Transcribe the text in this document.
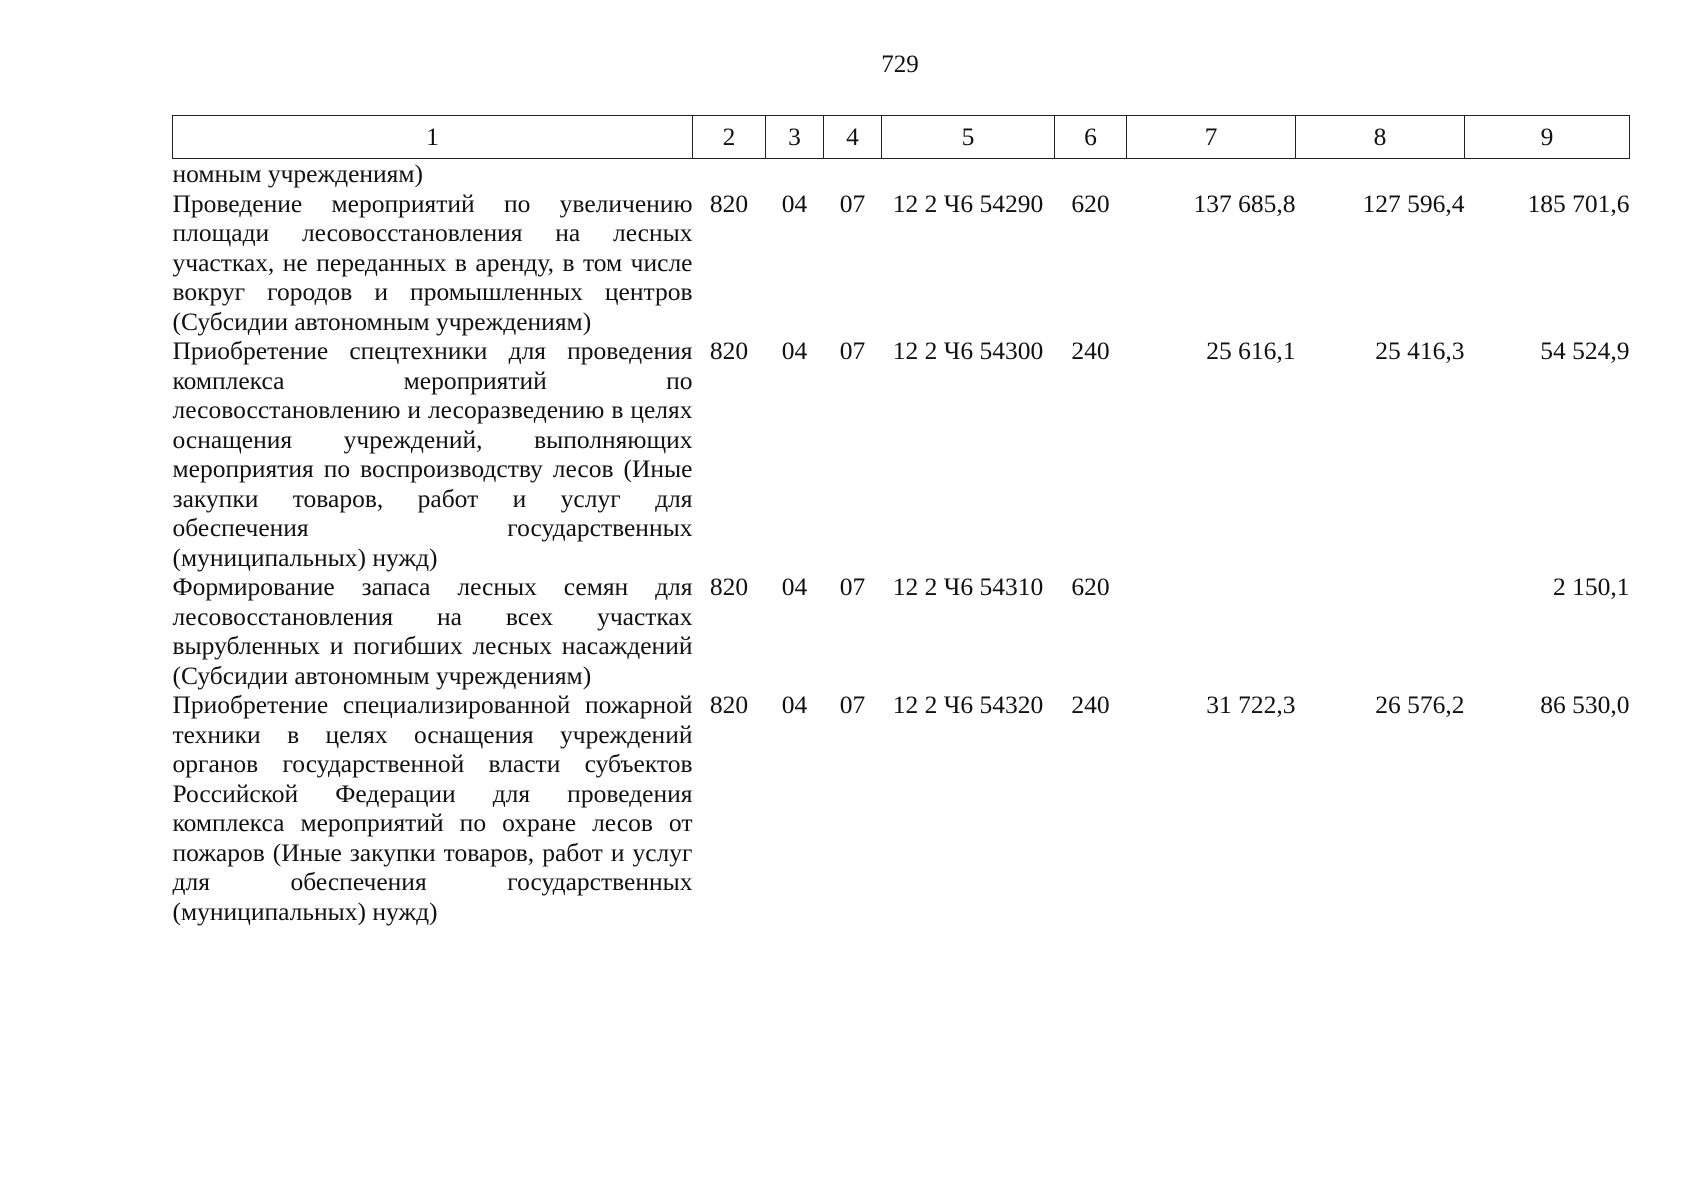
729
1	2	3	4	5	6	7	8	9
номным учреждениям)								
Проведение мероприятий по увеличению площади лесовосстановления на лесных участках, не переданных в аренду, в том числе вокруг городов и промышленных центров (Субсидии автономным учреждениям)	820	04	07	12 2 Ч6 54290	620	137 685,8	127 596,4	185 701,6
Приобретение спецтехники для проведения комплекса мероприятий по лесовосстановлению и лесоразведению в целях оснащения учреждений, выполняющих мероприятия по воспроизводству лесов (Иные закупки товаров, работ и услуг для обеспечения государственных (муниципальных) нужд)	820	04	07	12 2 Ч6 54300	240	25 616,1	25 416,3	54 524,9
Формирование запаса лесных семян для лесовосстановления на всех участках вырубленных и погибших лесных насаждений (Субсидии автономным учреждениям)	820	04	07	12 2 Ч6 54310	620			2 150,1
Приобретение специализированной пожарной техники в целях оснащения учреждений органов государственной власти субъектов Российской Федерации для проведения комплекса мероприятий по охране лесов от пожаров (Иные закупки товаров, работ и услуг для обеспечения государственных (муниципальных) нужд)	820	04	07	12 2 Ч6 54320	240	31 722,3	26 576,2	86 530,0
